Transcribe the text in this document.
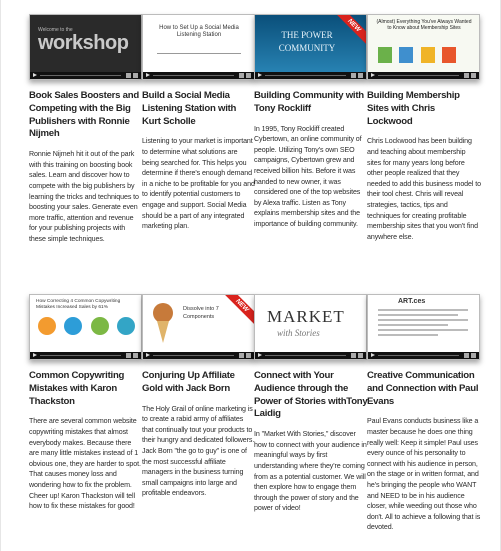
Welcome to the
workshop
Book Sales Boosters and Competing with the Big Publishers with Ronnie Nijmeh
Ronnie Nijmeh hit it out of the park with this training on boosting book sales. Learn and discover how to compete with the big publishers by learning the tricks and techniques to boosting your sales. Generate even more traffic, attention and revenue for your publishing projects with these simple techniques.
How to Set Up a Social Media Listening Station
Build a Social Media Listening Station with Kurt Scholle
Listening to your market is important to determine what solutions are being searched for. This helps you determine if there's enough demand in a niche to be profitable for you and to identify potential customers to engage and support. Social Media should be a part of any integrated marketing plan.
THE POWER COMMUNITY
NEW
Building Community with Tony Rockliff
In 1995, Tony Rockliff created Cybertown, an online community of people. Utilizing Tony's own SEO campaigns, Cybertown grew and received billion hits. Before it was handed to new owner, it was considered one of the top websites by Alexa traffic. Listen as Tony explains membership sites and the importance of building community.
(Almost) Everything You've Always Wanted to Know about Membership Sites

Building Membership Sites with Chris Lockwood
Chris Lockwood has been building and teaching about membership sites for many years long before other people realized that they needed to add this business model to their tool chest. Chris will reveal strategies, tactics, tips and techniques for creating profitable membership sites that you won't find anywhere else.
How Correcting 4 Common Copywriting Mistakes Increased Sales by 61%

Common Copywriting Mistakes with Karon Thackston
There are several common website copywriting mistakes that almost everybody makes. Because there are many little mistakes instead of 1 obvious one, they are harder to spot. That causes money loss and wondering how to fix the problem. Cheer up! Karon Thackston will tell how to fix these mistakes for good!
Dissolve into 7 Components
NEW
Conjuring Up Affiliate Gold with Jack Born
The Holy Grail of online marketing is to create a rabid army of affiliates that continually tout your products to their hungry and dedicated followers. Jack Born "the go to guy" is one of the most successful affiliate managers in the business turning small campaigns into large and profitable endeavors.
MARKET
with Stories
Connect with Your Audience through the Power of Stories withTony Laidig
In "Market With Stories," discover how to connect with your audience in meaningful ways by first understanding where they're coming from as a potential customer. We will then explore how to engage them through the power of story and the power of video!
ART.ces
Creative Communication and Connection with Paul Evans
Paul Evans conducts business like a master because he does one thing really well: Keep it simple! Paul uses every ounce of his personality to connect with his audience in person, on the stage or in written format, and he's bringing the people who WANT and NEED to be in his audience closer, while weeding out those who don't. All to achieve a following that is devoted.
